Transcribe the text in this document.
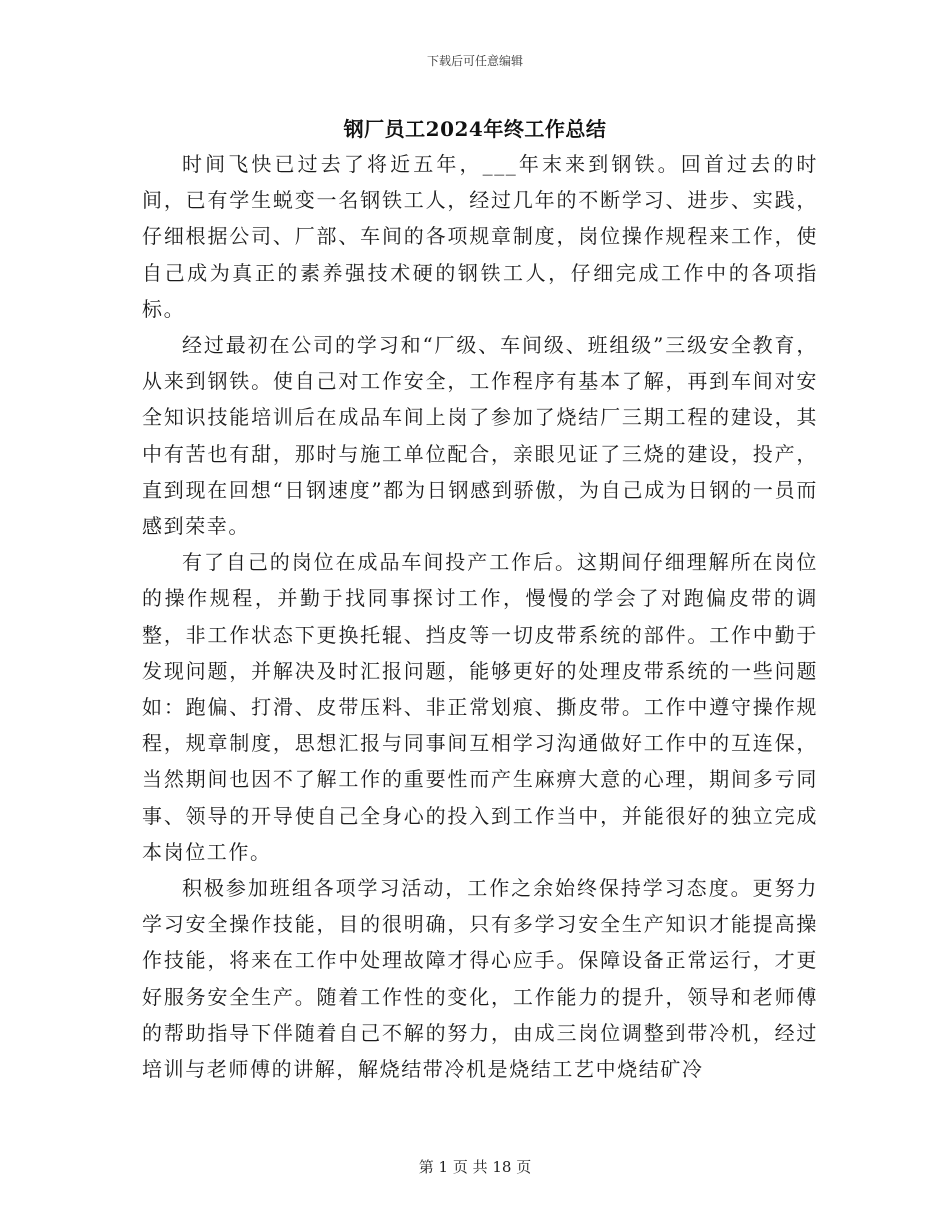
下载后可任意编辑
钢厂员工2024年终工作总结

时间飞快已过去了将近五年，___年末来到钢铁。回首过去的时间，已有学生蜕变一名钢铁工人，经过几年的不断学习、进步、实践，仔细根据公司、厂部、车间的各项规章制度，岗位操作规程来工作，使自己成为真正的素养强技术硬的钢铁工人，仔细完成工作中的各项指标。

经过最初在公司的学习和“厂级、车间级、班组级”三级安全教育，从来到钢铁。使自己对工作安全，工作程序有基本了解，再到车间对安全知识技能培训后在成品车间上岗了参加了烧结厂三期工程的建设，其中有苦也有甜，那时与施工单位配合，亲眼见证了三烧的建设，投产，直到现在回想“日钢速度”都为日钢感到骄傲，为自己成为日钢的一员而感到荣幸。

有了自己的岗位在成品车间投产工作后。这期间仔细理解所在岗位的操作规程，并勤于找同事探讨工作，慢慢的学会了对跑偏皮带的调整，非工作状态下更换托辊、挡皮等一切皮带系统的部件。工作中勤于发现问题，并解决及时汇报问题，能够更好的处理皮带系统的一些问题如：跑偏、打滑、皮带压料、非正常划痕、撕皮带。工作中遵守操作规程，规章制度，思想汇报与同事间互相学习沟通做好工作中的互连保，当然期间也因不了解工作的重要性而产生麻痹大意的心理，期间多亏同事、领导的开导使自己全身心的投入到工作当中，并能很好的独立完成本岗位工作。

积极参加班组各项学习活动，工作之余始终保持学习态度。更努力学习安全操作技能，目的很明确，只有多学习安全生产知识才能提高操作技能，将来在工作中处理故障才得心应手。保障设备正常运行，才更好服务安全生产。随着工作性的变化，工作能力的提升，领导和老师傅的帮助指导下伴随着自己不解的努力，由成三岗位调整到带冷机，经过培训与老师傅的讲解，解烧结带冷机是烧结工艺中烧结矿冷

第 1 页 共 18 页
